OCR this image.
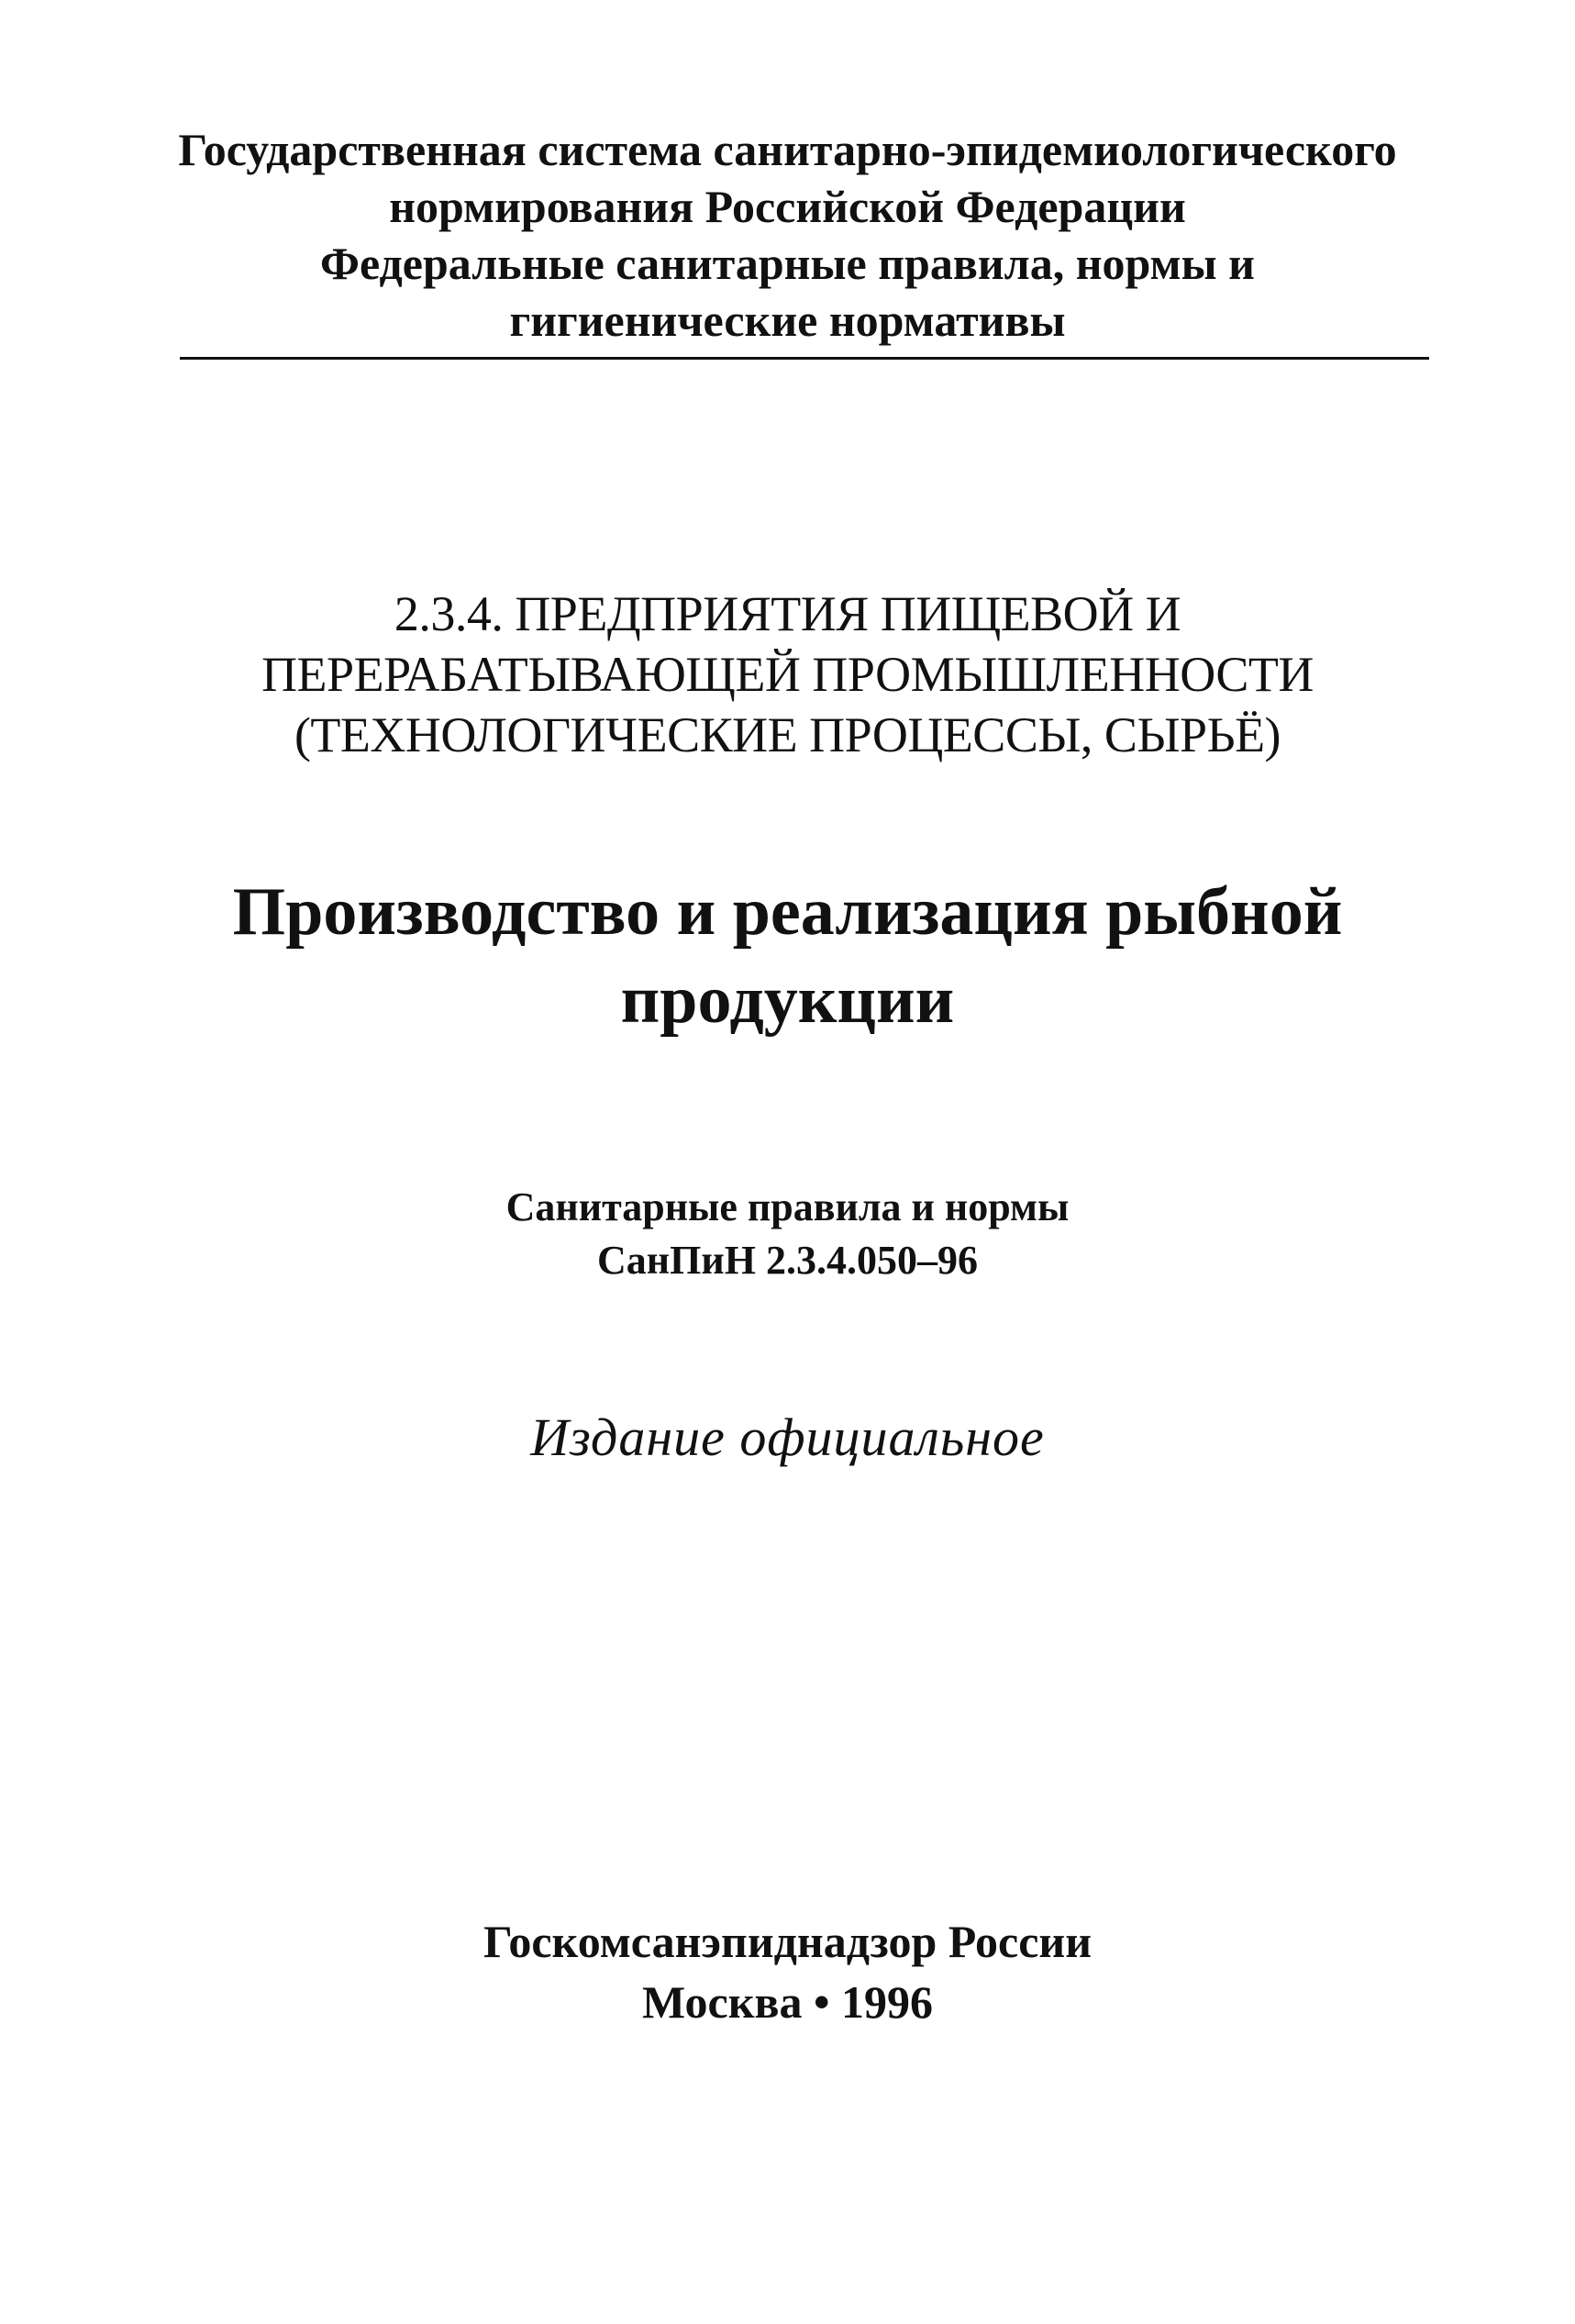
Государственная система санитарно-эпидемиологического
нормирования Российской Федерации
Федеральные санитарные правила, нормы и
гигиенические нормативы
2.3.4. ПРЕДПРИЯТИЯ ПИЩЕВОЙ И
ПЕРЕРАБАТЫВАЮЩЕЙ ПРОМЫШЛЕННОСТИ
(ТЕХНОЛОГИЧЕСКИЕ ПРОЦЕССЫ, СЫРЬЁ)
Производство и реализация рыбной
продукции
Санитарные правила и нормы
СанПиН 2.3.4.050–96
Издание официальное
Госкомсанэпиднадзор России
Москва • 1996
